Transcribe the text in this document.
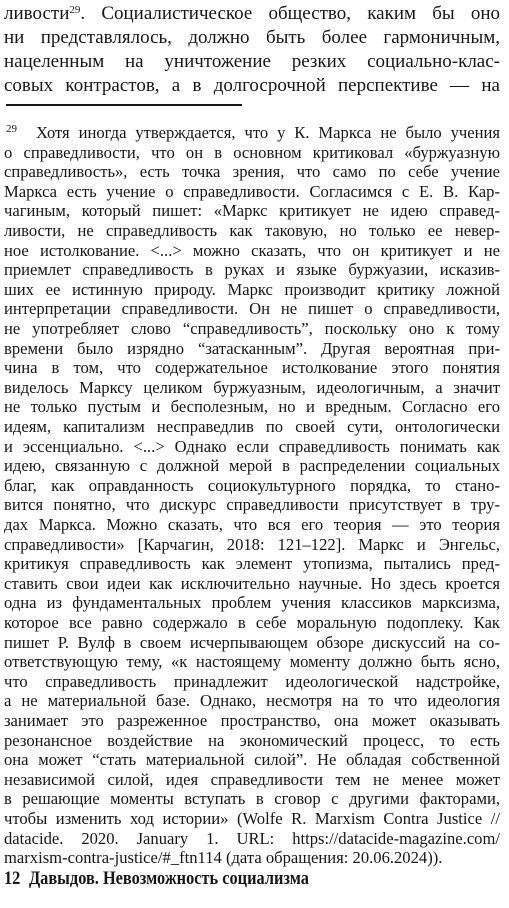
ливости$^{29}$. Социалистическое общество, каким бы оно
ни представлялось, должно быть более гармоничным,
нацеленным на уничтожение резких социально-клас-
совых контрастов, а в долгосрочной перспективе — на
29 Хотя иногда утверждается, что у К. Маркса не было учения
о справедливости, что он в основном критиковал «буржуазную
справедливость», есть точка зрения, что само по себе учение
Маркса есть учение о справедливости. Согласимся с Е. В. Кар-
чагиным, который пишет: «Маркс критикует не идею справед-
ливости, не справедливость как таковую, но только ее невер-
ное истолкование. <...> можно сказать, что он критикует и не
приемлет справедливость в руках и языке буржуазии, исказив-
ших ее истинную природу. Маркс производит критику ложной
интерпретации справедливости. Он не пишет о справедливости,
не употребляет слово “справедливость”, поскольку оно к тому
времени было изрядно “затасканным”. Другая вероятная при-
чина в том, что содержательное истолкование этого понятия
виделось Марксу целиком буржуазным, идеологичным, а значит
не только пустым и бесполезным, но и вредным. Согласно его
идеям, капитализм несправедлив по своей сути, онтологически
и эссенциально. <...> Однако если справедливость понимать как
идею, связанную с должной мерой в распределении социальных
благ, как оправданность социокультурного порядка, то стано-
вится понятно, что дискурс справедливости присутствует в тру-
дах Маркса. Можно сказать, что вся его теория — это теория
справедливости» [Карчагин, 2018: 121–122]. Маркс и Энгельс,
критикуя справедливость как элемент утопизма, пытались пред-
ставить свои идеи как исключительно научные. Но здесь кроется
одна из фундаментальных проблем учения классиков марксизма,
которое все равно содержало в себе моральную подоплеку. Как
пишет Р. Вулф в своем исчерпывающем обзоре дискуссий на со-
ответствующую тему, «к настоящему моменту должно быть ясно,
что справедливость принадлежит идеологической надстройке,
а не материальной базе. Однако, несмотря на то что идеология
занимает это разреженное пространство, она может оказывать
резонансное воздействие на экономический процесс, то есть
она может “стать материальной силой”. Не обладая собственной
независимой силой, идея справедливости тем не менее может
в решающие моменты вступать в сговор с другими факторами,
чтобы изменить ход истории» (Wolfe R. Marxism Contra Justice //
datacide. 2020. January 1. URL: https://datacide-magazine.com/
marxism-contra-justice/#_ftn114 (дата обращения: 20.06.2024)).
12 Давыдов. Невозможность социализма
